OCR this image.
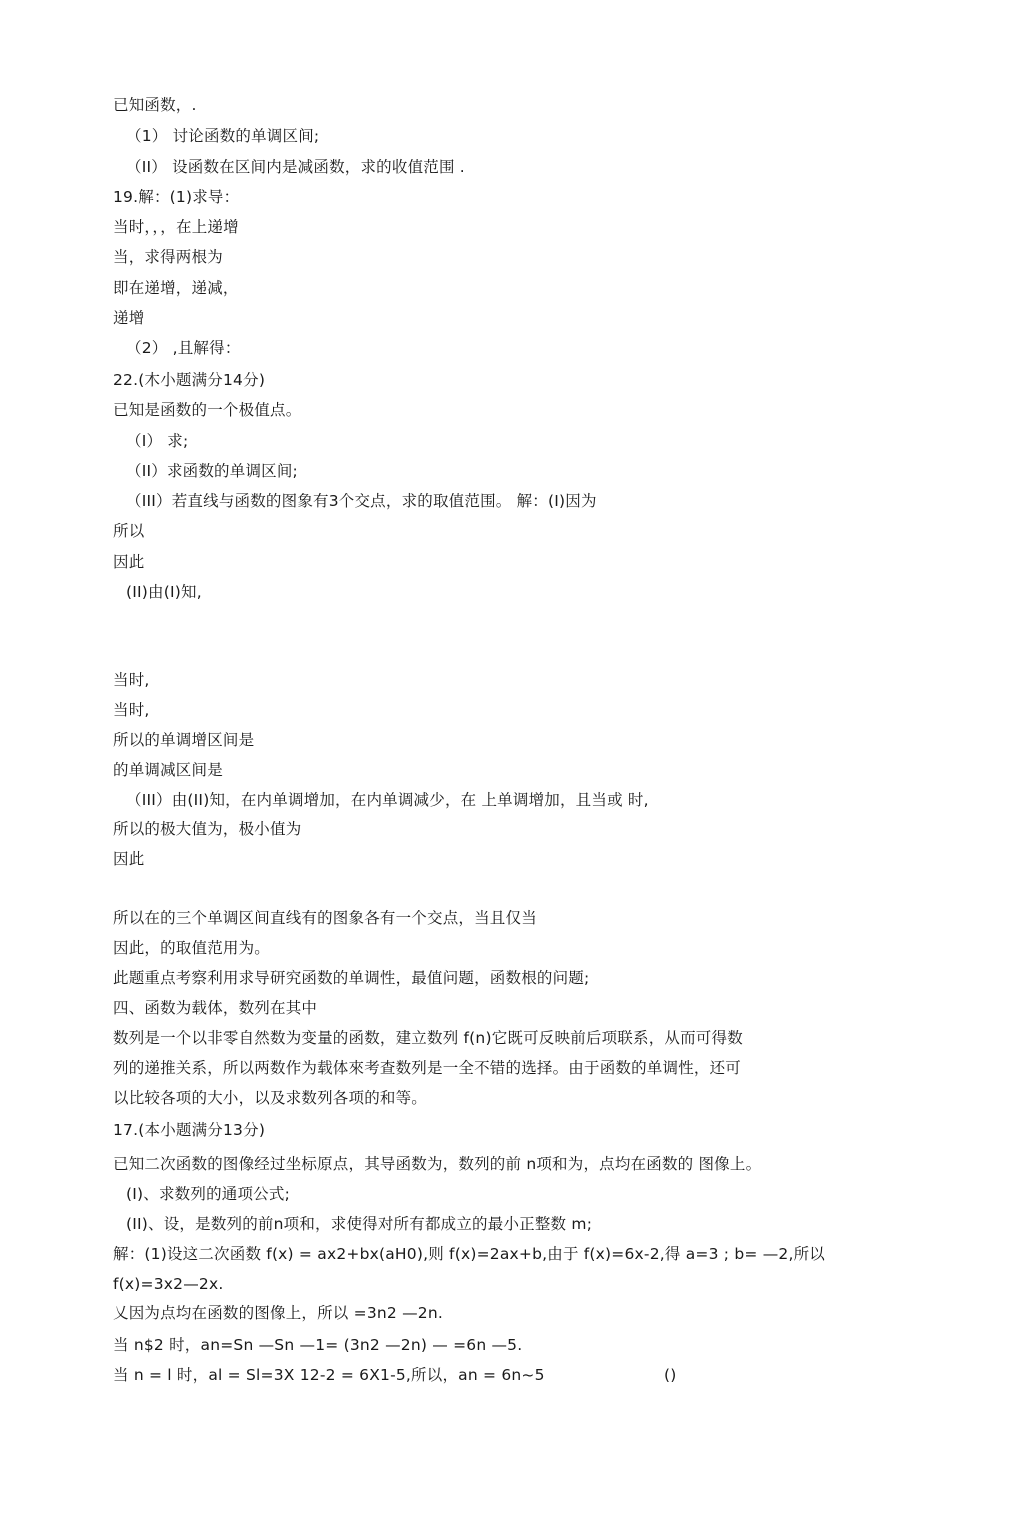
已知函数，.
（1） 讨论函数的单调区间;
（II） 设函数在区间内是减函数，求的收值范围 .
19.解：(1)求导：
当时，，，在上递增
当，求得两根为
即在递增，递减，
递增
（2） ,且解得：
22.(木小题满分14分)
已知是函数的一个极值点。
（I） 求;
（II）求函数的单调区间;
（III）若直线与函数的图象有3个交点，求的取值范围。 解：(I)因为
所以
因此
(II)由(I)知,
当时,
当时,
所以的单调增区间是
的单调减区间是
（III）由(II)知，在内单调增加，在内单调减少，在 上单调增加，且当或 时,
所以的极大值为，极小值为
因此
所以在的三个单调区间直线有的图象各有一个交点，当且仅当
因此，的取值范用为。
此题重点考察利用求导研究函数的单调性，最值问题，函数根的问题;
四、函数为载体，数列在其中
数列是一个以非零自然数为变量的函数，建立数列 f(n)它既可反映前后项联系，从而可得数
列的递推关系，所以两数作为载体來考查数列是一全不错的选择。由于函数的单调性，还可
以比较各项的大小，以及求数列各项的和等。
17.(本小题满分13分)
已知二次函数的图像经过坐标原点，其导函数为，数列的前 n项和为，点均在函数的 图像上。
(I)、求数列的通项公式;
(II)、设，是数列的前n项和，求使得对所有都成立的最小正整数 m;
解：(1)设这二次函数 f(x) = ax2+bx(aH0),则 f(x)=2ax+b,由于 f(x)=6x-2,得 a=3 ; b= —2,所以
f(x)=3x2—2x.
乂因为点均在函数的图像上，所以 =3n2 —2n.
当 n$2 时，an=Sn —Sn —1= (3n2 —2n) — =6n —5.
当 n = l 时，al = Sl=3X 12-2 = 6X1-5,所以，an = 6n~5	()
